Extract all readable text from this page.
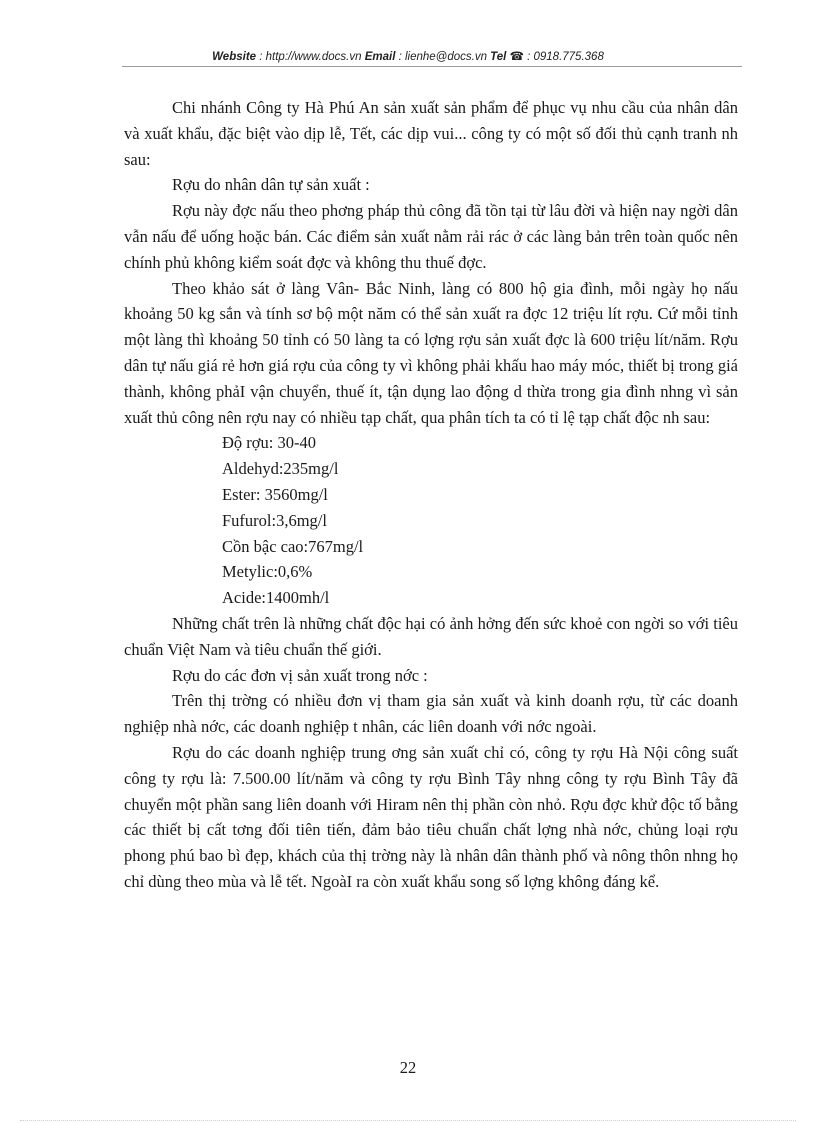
Website : http://www.docs.vn Email : lienhe@docs.vn Tel ☎ : 0918.775.368

Chi nhánh Công ty Hà Phú An sản xuất sản phẩm để phục vụ nhu cầu của nhân dân và xuất khẩu, đặc biệt vào dịp lễ, Tết, các dịp vui... công ty có một số đối thủ cạnh tranh nh sau:

Rợu do nhân dân tự sản xuất :

Rợu này đợc nấu theo phơng pháp thủ công đã tồn tại từ lâu đời và hiện nay ngời dân vẫn nấu để uống hoặc bán. Các điểm sản xuất nằm rải rác ở các làng bản trên toàn quốc nên chính phủ không kiểm soát đợc và không thu thuế đợc.

Theo khảo sát ở làng Vân- Bắc Ninh, làng có 800 hộ gia đình, mỗi ngày họ nấu khoảng 50 kg sắn và tính sơ bộ một năm có thể sản xuất ra đợc 12 triệu lít rợu. Cứ mỗi tỉnh một làng thì khoảng 50 tỉnh có 50 làng ta có lợng rợu sản xuất đợc là 600 triệu lít/năm. Rợu dân tự nấu giá rẻ hơn giá rợu của công ty vì không phải khấu hao máy móc, thiết bị trong giá thành, không phảI vận chuyển, thuế ít, tận dụng lao động d thừa trong gia đình nhng vì sản xuất thủ công nên rợu nay có nhiều tạp chất, qua phân tích ta có tỉ lệ tạp chất độc nh sau:

Độ rợu: 30-40
Aldehyd:235mg/l
Ester: 3560mg/l
Fufurol:3,6mg/l
Cồn bậc cao:767mg/l
Metylic:0,6%
Acide:1400mh/l

Những chất trên là những chất độc hại có ảnh hởng đến sức khoẻ con ngời so với tiêu chuẩn Việt Nam và tiêu chuẩn thế giới.

Rợu do các đơn vị sản xuất trong nớc :

Trên thị trờng có nhiều đơn vị tham gia sản xuất và kinh doanh rợu, từ các doanh nghiệp nhà nớc, các doanh nghiệp t nhân, các liên doanh với nớc ngoài.

Rợu do các doanh nghiệp trung ơng sản xuất chỉ có, công ty rợu Hà Nội công suất công ty rợu là: 7.500.00 lít/năm và công ty rợu Bình Tây nhng công ty rợu Bình Tây đã chuyển một phần sang liên doanh với Hiram nên thị phần còn nhỏ. Rợu đợc khử độc tố bằng các thiết bị cất tơng đối tiên tiến, đảm bảo tiêu chuẩn chất lợng nhà nớc, chủng loại rợu phong phú bao bì đẹp, khách của thị trờng này là nhân dân thành phố và nông thôn nhng họ chỉ dùng theo mùa và lễ tết. NgoàI ra còn xuất khẩu song số lợng không đáng kể.

22
